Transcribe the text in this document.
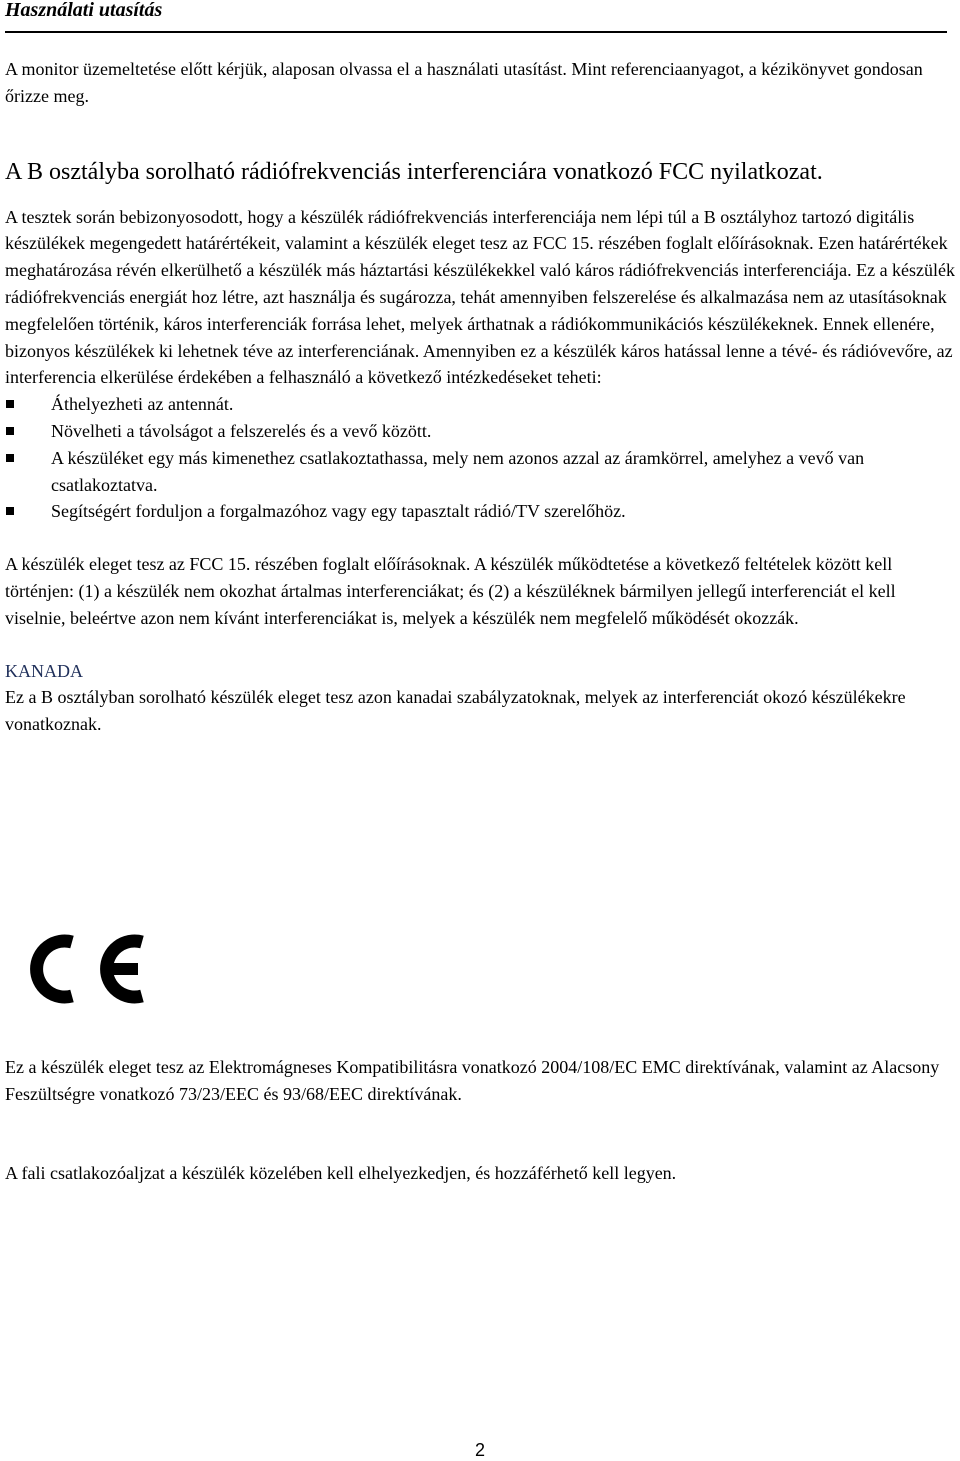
Használati utasítás

A monitor üzemeltetése előtt kérjük, alaposan olvassa el a használati utasítást. Mint referenciaanyagot, a kézikönyvet gondosan őrizze meg.

A B osztályba sorolható rádiófrekvenciás interferenciára vonatkozó FCC nyilatkozat.

A tesztek során bebizonyosodott, hogy a készülék rádiófrekvenciás interferenciája nem lépi túl a B osztályhoz tartozó digitális készülékek megengedett határértékeit, valamint a készülék eleget tesz az FCC 15. részében foglalt előírásoknak. Ezen határértékek meghatározása révén elkerülhető a készülék más háztartási készülékekkel való káros rádiófrekvenciás interferenciája. Ez a készülék rádiófrekvenciás energiát hoz létre, azt használja és sugározza, tehát amennyiben felszerelése és alkalmazása nem az utasításoknak megfelelően történik, káros interferenciák forrása lehet, melyek árthatnak a rádiókommunikációs készülékeknek. Ennek ellenére, bizonyos készülékek ki lehetnek téve az interferenciának. Amennyiben ez a készülék káros hatással lenne a tévé- és rádióvevőre, az interferencia elkerülése érdekében a felhasználó a következő intézkedéseket teheti:

Áthelyezheti az antennát.
Növelheti a távolságot a felszerelés és a vevő között.
A készüléket egy más kimenethez csatlakoztathassa, mely nem azonos azzal az áramkörrel, amelyhez a vevő van csatlakoztatva.
Segítségért forduljon a forgalmazóhoz vagy egy tapasztalt rádió/TV szerelőhöz.

A készülék eleget tesz az FCC 15. részében foglalt előírásoknak. A készülék működtetése a következő feltételek között kell történjen: (1) a készülék nem okozhat ártalmas interferenciákat; és (2) a készüléknek bármilyen jellegű interferenciát el kell viselnie, beleértve azon nem kívánt interferenciákat is, melyek a készülék nem megfelelő működését okozzák.

KANADA

Ez a B osztályban sorolható készülék eleget tesz azon kanadai szabályzatoknak, melyek az interferenciát okozó készülékekre vonatkoznak.

Ez a készülék eleget tesz az Elektromágneses Kompatibilitásra vonatkozó 2004/108/EC EMC direktívának, valamint az Alacsony Feszültségre vonatkozó 73/23/EEC és 93/68/EEC direktívának.

A fali csatlakozóaljzat a készülék közelében kell elhelyezkedjen, és hozzáférhető kell legyen.

2
